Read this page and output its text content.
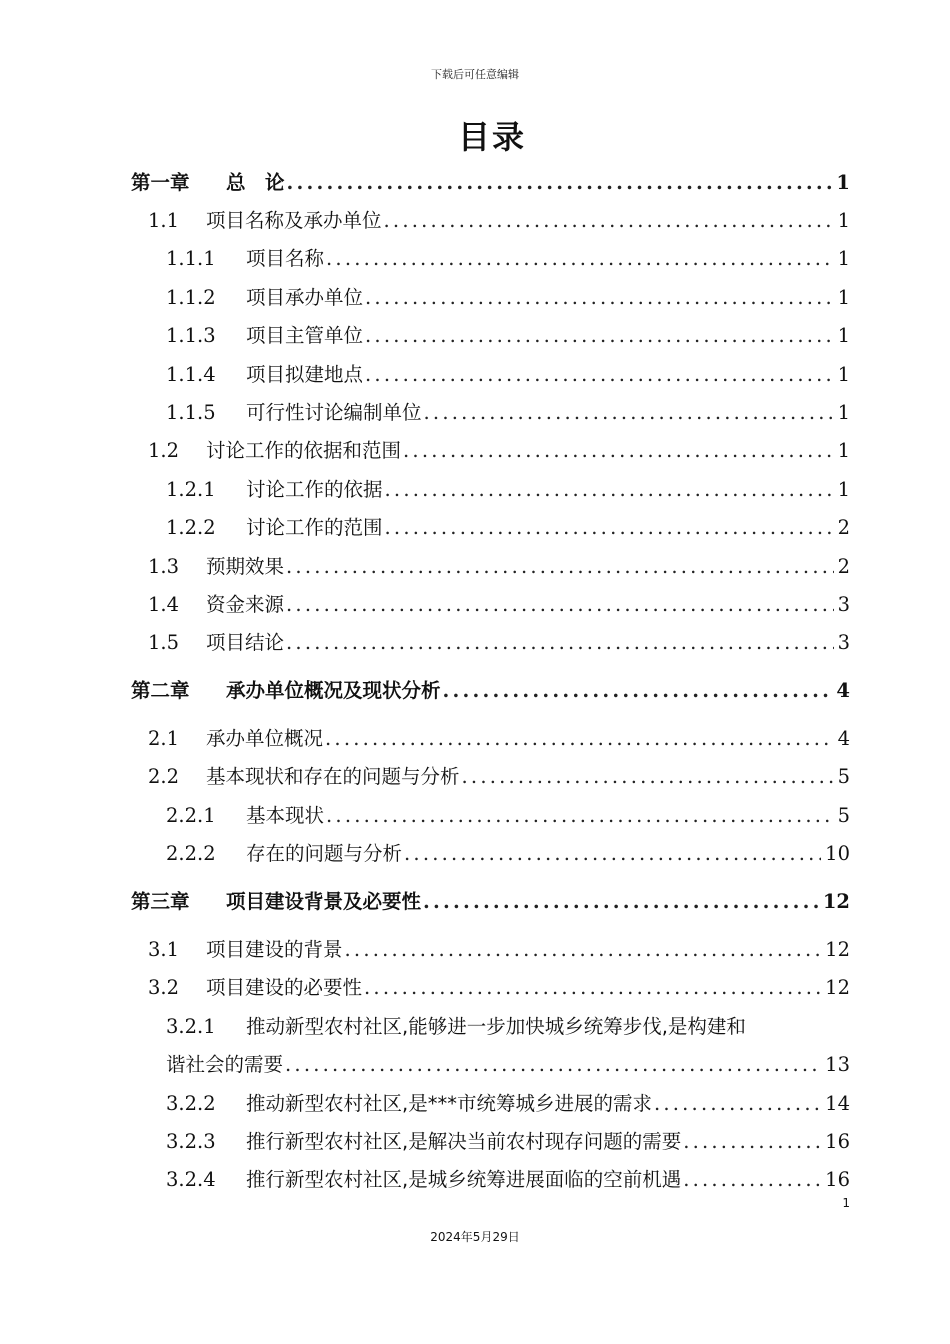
下载后可任意编辑
目录
第一章	总　论 .....	1
1.1	项目名称及承办单位 .....	1
1.1.1	项目名称 .....	1
1.1.2	项目承办单位 .....	1
1.1.3	项目主管单位 .....	1
1.1.4	项目拟建地点 .....	1
1.1.5	可行性讨论编制单位 .....	1
1.2	讨论工作的依据和范围 .....	1
1.2.1	讨论工作的依据 .....	1
1.2.2	讨论工作的范围 .....	2
1.3	预期效果 .....	2
1.4	资金来源 .....	3
1.5	项目结论 .....	3
第二章	承办单位概况及现状分析 .....	4
2.1	承办单位概况 .....	4
2.2	基本现状和存在的问题与分析 .....	5
2.2.1	基本现状 .....	5
2.2.2	存在的问题与分析 .....	10
第三章	项目建设背景及必要性 .....	12
3.1	项目建设的背景 .....	12
3.2	项目建设的必要性 .....	12
3.2.1	推动新型农村社区,能够进一步加快城乡统筹步伐,是构建和
谐社会的需要 .....	13
3.2.2	推动新型农村社区,是***市统筹城乡进展的需求 .....	14
3.2.3	推行新型农村社区,是解决当前农村现存问题的需要 .....	16
3.2.4	推行新型农村社区,是城乡统筹进展面临的空前机遇 .....	16
1
2024年5月29日
